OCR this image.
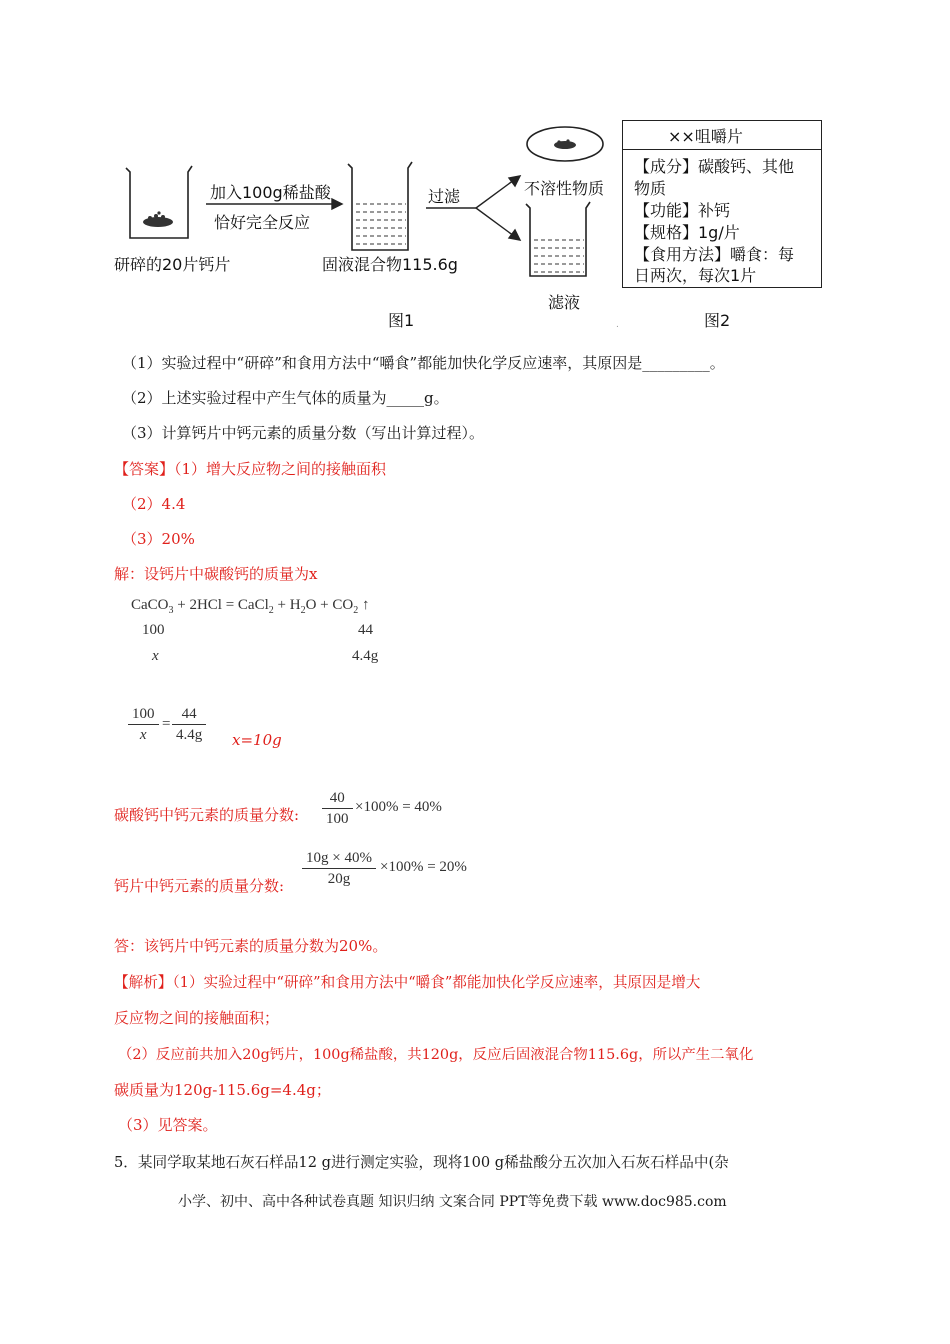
加入100g稀盐酸
恰好完全反应
研碎的20片钙片	固液混合物115.6g
过滤	不溶性物质
滤液
图1	.
××咀嚼片
【成分】碳酸钙、其他
物质
【功能】补钙
【规格】1g/片
【食用方法】嚼食：每
日两次，每次1片
图2
（1）实验过程中“研碎”和食用方法中“嚼食”都能加快化学反应速率，其原因是_________。
（2）上述实验过程中产生气体的质量为_____g。
（3）计算钙片中钙元素的质量分数（写出计算过程）。
【答案】（1）增大反应物之间的接触面积
（2）4.4
（3）20%
解：设钙片中碳酸钙的质量为x
CaCO$_3$ + 2HCl = CaCl$_2$ + $H_2O + CO_2$ ↑
100	44
x	4.4g
100
x
=
44
4.4g x=10g
碳酸钙中钙元素的质量分数:
40
100
×100% = 40%
钙片中钙元素的质量分数:
10g × 40%
20g
×100% = 20%
答：该钙片中钙元素的质量分数为20%。
【解析】（1）实验过程中“研碎”和食用方法中“嚼食”都能加快化学反应速率，其原因是增大
反应物之间的接触面积；
（2）反应前共加入20g钙片，100g稀盐酸，共120g，反应后固液混合物115.6g，所以产生二氧化
碳质量为120g-115.6g=4.4g；
（3）见答案。
5．某同学取某地石灰石样品12 g进行测定实验，现将100 g稀盐酸分五次加入石灰石样品中(杂
小学、初中、高中各种试卷真题 知识归纳 文案合同 PPT等免费下载 www.doc985.com
